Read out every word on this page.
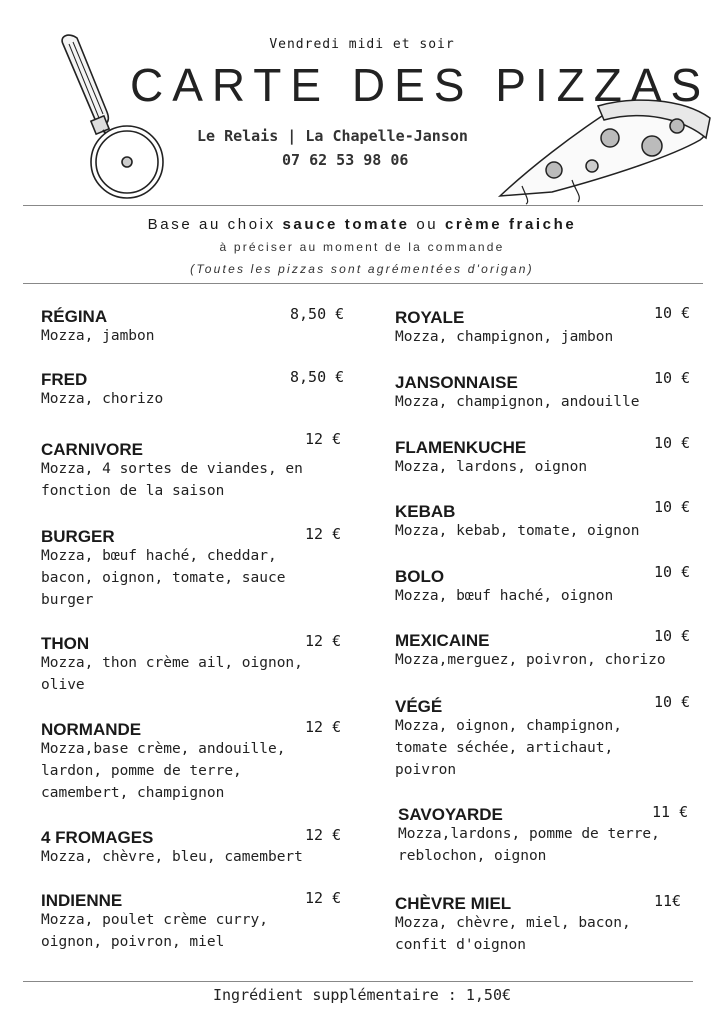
Vendredi midi et soir
CARTE DES PIZZAS
Le Relais | La Chapelle-Janson
07 62 53 98 06
Base au choix sauce tomate ou crème fraiche
à préciser au moment de la commande
(Toutes les pizzas sont agrémentées d'origan)
RÉGINA	8,50 €
Mozza, jambon
FRED	8,50 €
Mozza, chorizo
CARNIVORE
12 €
Mozza, 4 sortes de viandes, en
fonction de la saison
BURGER	12 €
Mozza, bœuf haché, cheddar,
bacon, oignon, tomate, sauce
burger
THON	12 €
Mozza, thon crème ail, oignon,
olive
NORMANDE	12 €
Mozza,base crème, andouille,
lardon, pomme de terre,
camembert, champignon
4 FROMAGES	12 €
Mozza, chèvre, bleu, camembert
INDIENNE	12 €
Mozza, poulet crème curry,
oignon, poivron, miel
ROYALE	10 €
Mozza, champignon, jambon
JANSONNAISE	10 €
Mozza, champignon, andouille
FLAMENKUCHE	10 €
Mozza, lardons, oignon
KEBAB	10 €
Mozza, kebab, tomate, oignon
BOLO	10 €
Mozza, bœuf haché, oignon
MEXICAINE	10 €
Mozza,merguez, poivron, chorizo
VÉGÉ	10 €
Mozza, oignon, champignon,
tomate séchée, artichaut,
poivron
SAVOYARDE	11 €
Mozza,lardons, pomme de terre,
reblochon, oignon
CHÈVRE MIEL	11€
Mozza, chèvre, miel, bacon,
confit d'oignon
Ingrédient supplémentaire : 1,50€
